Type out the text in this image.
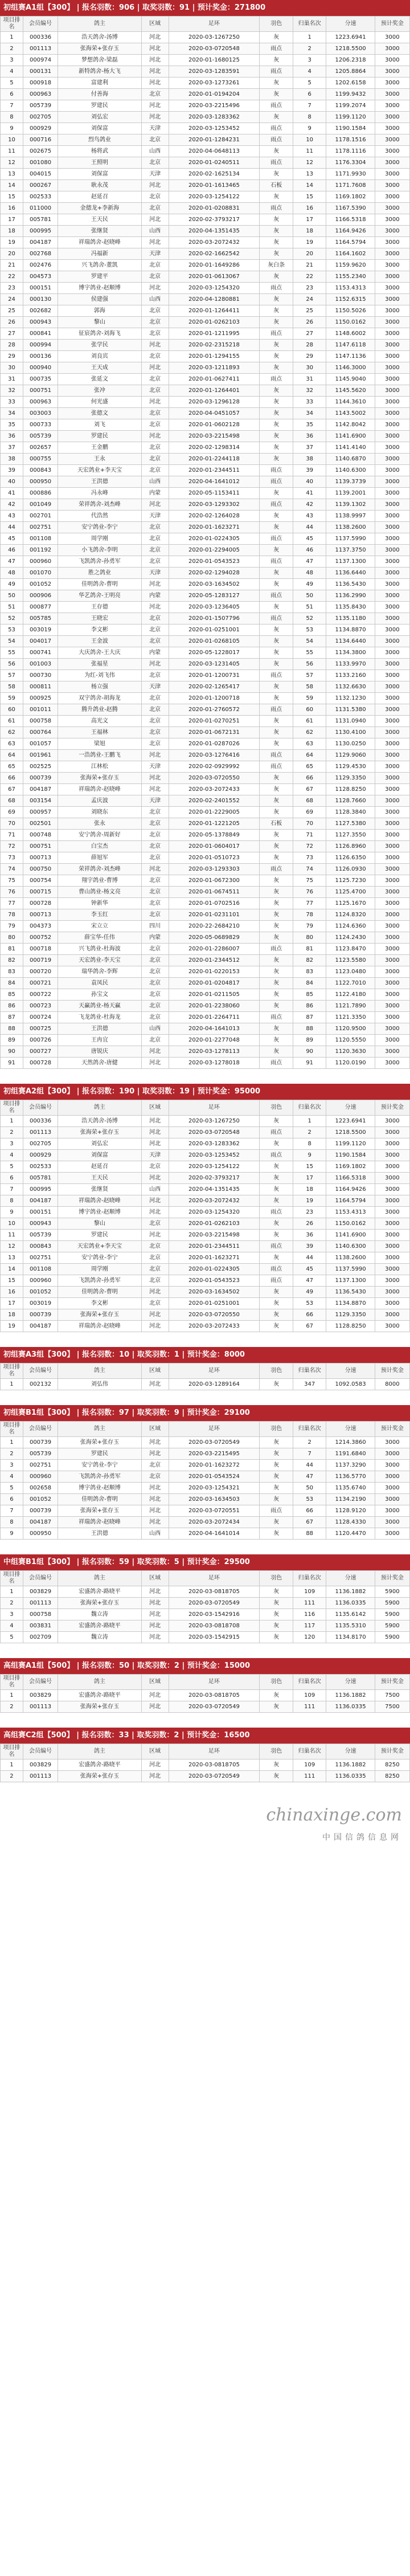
初组赛A1组【300】 | 报名羽数：906 | 取奖羽数：91 | 预计奖金：271800
项目排名	会员编号	鸽主	区域	足环	羽色	归巢名次	分速	预计奖金
1	000336	浩天鸽舍-汤博	河北	2020-03-1267250	灰	1	1223.6941	3000
2	001113	张海荣+张存玉	河北	2020-03-0720548	雨点	2	1218.5500	3000
3	000974	梦想鸽舍-梁磊	河北	2020-01-1680125	灰	3	1206.2318	3000
4	000131	新特鸽舍-杨大飞	河北	2020-03-1283591	雨点	4	1205.8864	3000
5	000918	富建利	河北	2020-03-1273261	灰	5	1202.6158	3000
6	000963	付善海	北京	2020-01-0194204	灰	6	1199.9432	3000
7	005739	罗建民	河北	2020-03-2215496	雨点	7	1199.2074	3000
8	002705	刘弘宏	河北	2020-03-1283362	灰	8	1199.1120	3000
9	000929	刘保富	天津	2020-03-1253452	雨点	9	1190.1584	3000
10	000716	烈鸟鸽业	北京	2020-01-1284231	雨点	10	1178.1516	3000
11	002675	杨将武	山西	2020-04-0648113	灰	11	1178.1116	3000
12	001080	王照明	北京	2020-01-0240511	雨点	12	1176.3304	3000
13	004015	刘保富	天津	2020-02-1625134	灰	13	1171.9930	3000
14	000267	耿永茂	河北	2020-01-1613465	石板	14	1171.7608	3000
15	002533	赵延召	北京	2020-03-1254122	灰	15	1169.1802	3000
16	011000	金德龙+李新海	北京	2020-01-0208831	雨点	16	1167.5390	3000
17	005781	王天民	河北	2020-02-3793217	灰	17	1166.5318	3000
18	000995	张继贤	山西	2020-04-1351435	灰	18	1164.9426	3000
19	004187	祥瑞鸽舍-赵晓峰	河北	2020-03-2072432	灰	19	1164.5794	3000
20	002768	冯福新	天津	2020-02-1662542	灰	20	1164.1602	3000
21	002476	兴飞鸽舍-董凯	北京	2020-01-1649286	灰白条	21	1159.9620	3000
22	004573	罗建平	北京	2020-01-0613067	灰	22	1155.2340	3000
23	000151	博宇鸽业-赵顺博	河北	2020-03-1254320	雨点	23	1153.4313	3000
24	000130	侯建强	山西	2020-04-1280881	灰	24	1152.6315	3000
25	002682	郭海	北京	2020-01-1264411	灰	25	1150.5026	3000
26	000943	黎山	北京	2020-01-0262103	灰	26	1150.0162	3000
27	000841	征宸鸽舍-刘海飞	北京	2020-01-1211995	雨点	27	1148.6002	3000
28	000994	张学民	河北	2020-02-2315218	灰	28	1147.6118	3000
29	000136	刘良宾	北京	2020-01-1294155	灰	29	1147.1136	3000
30	000940	王天成	河北	2020-03-1211893	灰	30	1146.3000	3000
31	000735	张延文	北京	2020-01-0627411	雨点	31	1145.9040	3000
32	000751	张冲	北京	2020-01-1264401	灰	32	1145.5620	3000
33	000963	何光盛	河北	2020-03-1296128	灰	33	1144.3610	3000
34	003003	张德文	北京	2020-04-0451057	灰	34	1143.5002	3000
35	000733	刘飞	北京	2020-01-0602128	灰	35	1142.8042	3000
36	005739	罗建民	河北	2020-03-2215498	灰	36	1141.6900	3000
37	002657	王金鹏	北京	2020-02-1298314	灰	37	1141.4140	3000
38	000755	王永	北京	2020-01-2244118	灰	38	1140.6870	3000
39	000843	天宏鸽业+李天宝	北京	2020-01-2344511	雨点	39	1140.6300	3000
40	000950	王洪德	山西	2020-04-1641012	雨点	40	1139.3739	3000
41	000886	冯永峰	内蒙	2020-05-1153411	灰	41	1139.2001	3000
42	001049	荣祥鸽舍-刘杰峰	河北	2020-03-1293302	雨点	42	1139.1302	3000
43	002701	代浩然	天津	2020-02-1264028	灰	43	1138.9997	3000
44	002751	安宁鸽业-李宁	北京	2020-01-1623271	灰	44	1138.2600	3000
45	001108	周学刚	北京	2020-01-0224305	雨点	45	1137.5990	3000
46	001192	小飞鸽舍-李明	北京	2020-01-2294005	灰	46	1137.3750	3000
47	000960	飞凯鸽舍-孙勇军	北京	2020-01-0543523	雨点	47	1137.1300	3000
48	001070	胜之鸽业	天津	2020-02-1294028	灰	48	1136.6440	3000
49	001052	佳明鸽舍-曹明	河北	2020-03-1634502	灰	49	1136.5430	3000
50	000906	华艺鸽舍-王明亮	内蒙	2020-05-1283127	雨点	50	1136.2990	3000
51	000877	王存德	河北	2020-03-1236405	灰	51	1135.8430	3000
52	005785	王晓宏	北京	2020-01-1507796	雨点	52	1135.1180	3000
53	003019	李文彬	北京	2020-01-0251001	灰	53	1134.8870	3000
54	004017	王金波	北京	2020-01-0268105	灰	54	1134.6440	3000
55	000741	大庆鸽舍-王大庆	内蒙	2020-05-1228017	灰	55	1134.3800	3000
56	001003	张福星	河北	2020-03-1231405	灰	56	1133.9970	3000
57	000730	为红-刘飞伟	北京	2020-01-1200731	雨点	57	1133.2160	3000
58	000811	杨立强	天津	2020-02-1265417	灰	58	1132.6630	3000
59	000925	双宇鸽舍-胡海龙	北京	2020-01-1200718	灰	59	1132.1230	3000
60	001011	腾升鸽业-赵腾	北京	2020-01-2760572	雨点	60	1131.5380	3000
61	000758	高光文	北京	2020-01-0270251	灰	61	1131.0940	3000
62	000764	王福林	北京	2020-01-0672131	灰	62	1130.4100	3000
63	001057	梁旭	北京	2020-01-0287026	灰	63	1130.0250	3000
64	001961	一浩鸽业-王鹏飞	河北	2020-03-1276416	雨点	64	1129.9060	3000
65	002525	江林松	天津	2020-02-0929992	雨点	65	1129.4530	3000
66	000739	张海荣+张存玉	河北	2020-03-0720550	灰	66	1129.3350	3000
67	004187	祥瑞鸽舍-赵晓峰	河北	2020-03-2072433	灰	67	1128.8250	3000
68	003154	孟庆波	天津	2020-02-2401552	灰	68	1128.7660	3000
69	000957	刘晓东	北京	2020-01-2229005	灰	69	1128.3840	3000
70	002501	张永	北京	2020-01-1221205	石板	70	1127.5380	3000
71	000748	安宁鸽舍-周新好	北京	2020-05-1378849	灰	71	1127.3550	3000
72	000751	白宝杰	北京	2020-01-0604017	灰	72	1126.8960	3000
73	000713	薛旭军	北京	2020-01-0510723	灰	73	1126.6350	3000
74	000750	荣祥鸽舍-刘杰峰	河北	2020-03-1293303	雨点	74	1126.0930	3000
75	000754	翔宇鸽业-曹博	北京	2020-01-0672300	灰	75	1125.7230	3000
76	000715	曹山鸽业-杨文亮	北京	2020-01-0674511	灰	76	1125.4700	3000
77	000728	钟新华	北京	2020-01-0702516	灰	77	1125.1670	3000
78	000713	李玉红	北京	2020-01-0231101	灰	78	1124.8320	3000
79	004373	宋立立	四川	2020-22-2684210	灰	79	1124.6360	3000
80	000752	薛宝华-任伟	内蒙	2020-05-0689829	灰	80	1124.2430	3000
81	000718	兴飞鸽业-杜海波	北京	2020-01-2286007	雨点	81	1123.8470	3000
82	000719	天宏鸽业-李天宝	北京	2020-01-2344512	灰	82	1123.5580	3000
83	000720	瑞华鸽舍-李辉	北京	2020-01-0220153	灰	83	1123.0480	3000
84	000721	袁凤民	北京	2020-01-0204817	灰	84	1122.7010	3000
85	000722	孙宝文	北京	2020-01-0211505	灰	85	1122.4180	3000
86	000723	天赢鸽业-杨天赢	北京	2020-01-2238060	灰	86	1121.7890	3000
87	000724	飞龙鸽业-杜海龙	北京	2020-01-2264711	雨点	87	1121.3350	3000
88	000725	王洪德	山西	2020-04-1641013	灰	88	1120.9500	3000
89	000726	王冉宜	北京	2020-01-2277048	灰	89	1120.5550	3000
90	000727	唐锐庆	河北	2020-03-1278113	灰	90	1120.3630	3000
91	000728	天然鸽舍-唐健	河北	2020-03-1278018	雨点	91	1120.0190	3000
初组赛A2组【300】 | 报名羽数：190 | 取奖羽数：19 | 预计奖金：95000
项目排名	会员编号	鸽主	区域	足环	羽色	归巢名次	分速	预计奖金
1	000336	浩天鸽舍-汤博	河北	2020-03-1267250	灰	1	1223.6941	3000
2	001113	张海荣+张存玉	河北	2020-03-0720548	雨点	2	1218.5500	3000
3	002705	刘弘宏	河北	2020-03-1283362	灰	8	1199.1120	3000
4	000929	刘保富	天津	2020-03-1253452	雨点	9	1190.1584	3000
5	002533	赵延召	北京	2020-03-1254122	灰	15	1169.1802	3000
6	005781	王天民	河北	2020-02-3793217	灰	17	1166.5318	3000
7	000995	张继贤	山西	2020-04-1351435	灰	18	1164.9426	3000
8	004187	祥瑞鸽舍-赵晓峰	河北	2020-03-2072432	灰	19	1164.5794	3000
9	000151	博宇鸽业-赵顺博	河北	2020-03-1254320	雨点	23	1153.4313	3000
10	000943	黎山	北京	2020-01-0262103	灰	26	1150.0162	3000
11	005739	罗建民	河北	2020-03-2215498	灰	36	1141.6900	3000
12	000843	天宏鸽业+李天宝	北京	2020-01-2344511	雨点	39	1140.6300	3000
13	002751	安宁鸽业-李宁	北京	2020-01-1623271	灰	44	1138.2600	3000
14	001108	周学刚	北京	2020-01-0224305	雨点	45	1137.5990	3000
15	000960	飞凯鸽舍-孙勇军	北京	2020-01-0543523	雨点	47	1137.1300	3000
16	001052	佳明鸽舍-曹明	河北	2020-03-1634502	灰	49	1136.5430	3000
17	003019	李文彬	北京	2020-01-0251001	灰	53	1134.8870	3000
18	000739	张海荣+张存玉	河北	2020-03-0720550	灰	66	1129.3350	3000
19	004187	祥瑞鸽舍-赵晓峰	河北	2020-03-2072433	灰	67	1128.8250	3000
初组赛A3组【300】 | 报名羽数：10 | 取奖羽数：1 | 预计奖金：8000
项目排名	会员编号	鸽主	区域	足环	羽色	归巢名次	分速	预计奖金
1	002132	刘弘伟	河北	2020-03-1289164	灰	347	1092.0583	8000
初组赛B1组【300】 | 报名羽数：97 | 取奖羽数：9 | 预计奖金：29100
项目排名	会员编号	鸽主	区域	足环	羽色	归巢名次	分速	预计奖金
1	000739	张海荣+张存玉	河北	2020-03-0720549	灰	2	1214.3860	3000
2	005739	罗建民	河北	2020-03-2215495	灰	7	1191.6840	3000
3	002751	安宁鸽业-李宁	北京	2020-01-1623272	灰	44	1137.3290	3000
4	000960	飞凯鸽舍-孙勇军	北京	2020-01-0543524	灰	47	1136.5770	3000
5	002658	博宇鸽业-赵顺博	河北	2020-03-1254321	灰	50	1135.6740	3000
6	001052	佳明鸽舍-曹明	河北	2020-03-1634503	灰	53	1134.2190	3000
7	000739	张海荣+张存玉	河北	2020-03-0720551	雨点	66	1128.9120	3000
8	004187	祥瑞鸽舍-赵晓峰	河北	2020-03-2072434	灰	67	1128.4330	3000
9	000950	王洪德	山西	2020-04-1641014	灰	88	1120.4470	3000
中组赛B1组【300】 | 报名羽数：59 | 取奖羽数：5 | 预计奖金：29500
项目排名	会员编号	鸽主	区域	足环	羽色	归巢名次	分速	预计奖金
1	003829	宏盛鸽舍-路晓平	河北	2020-03-0818705	灰	109	1136.1882	5900
2	001113	张海荣+张存玉	河北	2020-03-0720549	灰	111	1136.0335	5900
3	000758	魏立涛	河北	2020-03-1542916	灰	116	1135.6142	5900
4	003831	宏盛鸽舍-路晓平	河北	2020-03-0818708	灰	117	1135.5310	5900
5	002709	魏立涛	河北	2020-03-1542915	灰	120	1134.8170	5900
高组赛A1组【500】 | 报名羽数：50 | 取奖羽数：2 | 预计奖金：15000
项目排名	会员编号	鸽主	区域	足环	羽色	归巢名次	分速	预计奖金
1	003829	宏盛鸽舍-路晓平	河北	2020-03-0818705	灰	109	1136.1882	7500
2	001113	张海荣+张存玉	河北	2020-03-0720549	灰	111	1136.0335	7500
高组赛C2组【500】 | 报名羽数：33 | 取奖羽数：2 | 预计奖金：16500
项目排名	会员编号	鸽主	区域	足环	羽色	归巢名次	分速	预计奖金
1	003829	宏盛鸽舍-路晓平	河北	2020-03-0818705	灰	109	1136.1882	8250
2	001113	张海荣+张存玉	河北	2020-03-0720549	灰	111	1136.0335	8250
chinaxinge.com
中国信鸽信息网
